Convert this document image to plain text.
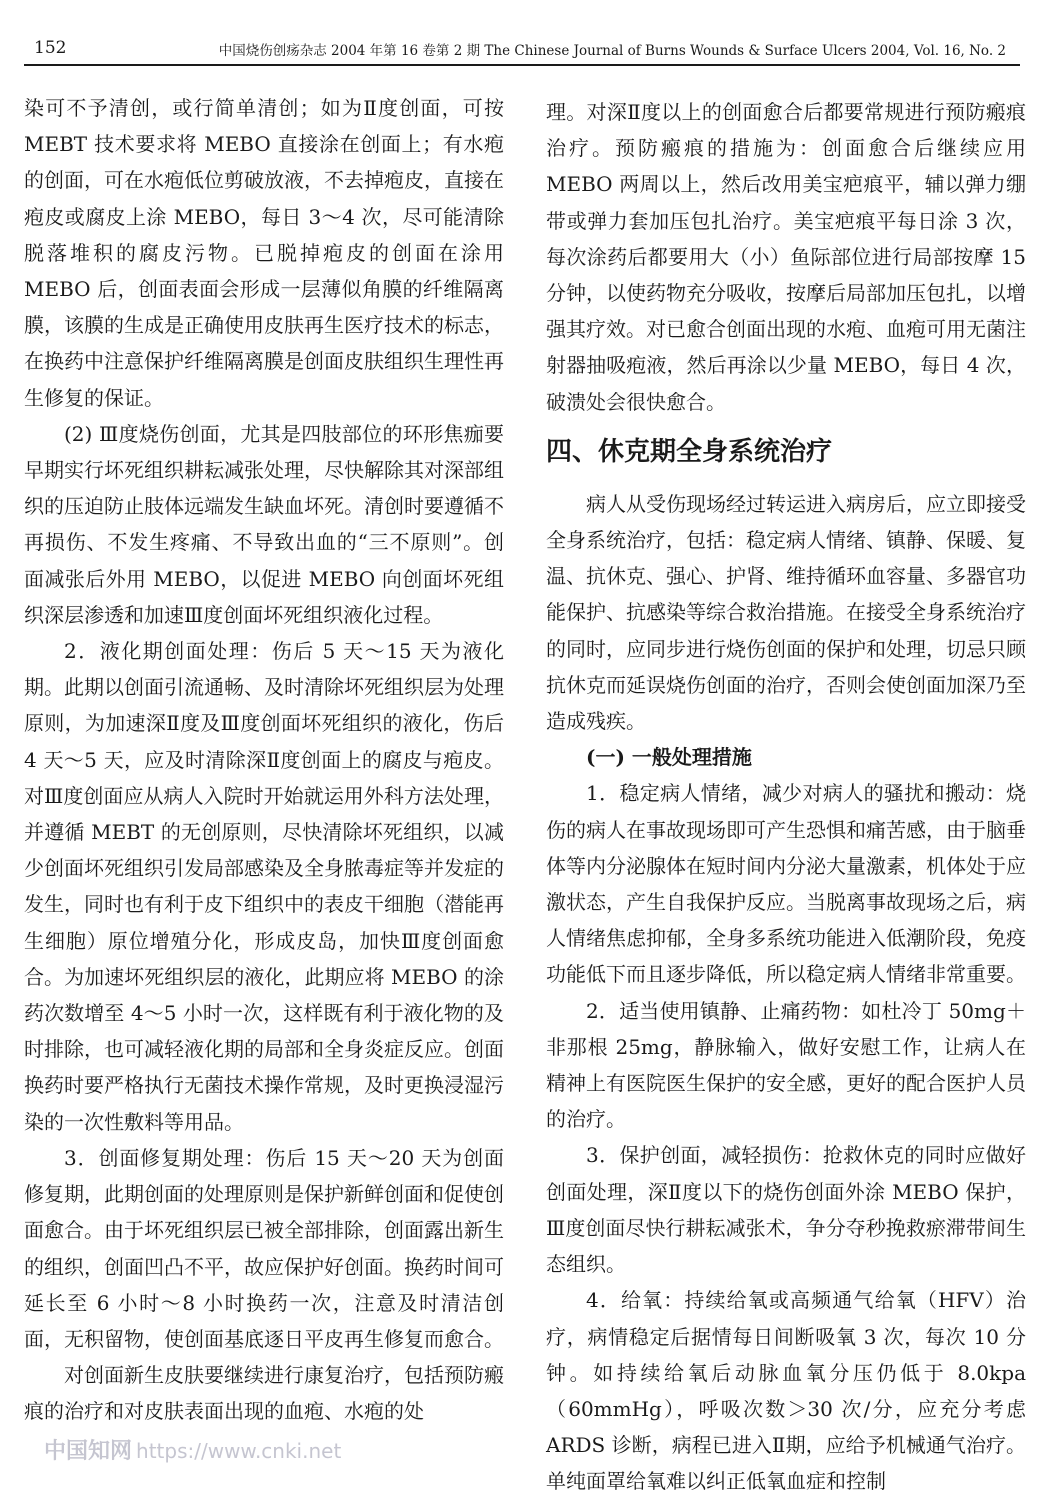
152	中国烧伤创疡杂志 2004 年第 16 卷第 2 期 The Chinese Journal of Burns Wounds & Surface Ulcers 2004, Vol. 16, No. 2

染可不予清创，或行简单清创；如为Ⅱ度创面，可按 MEBT 技术要求将 MEBO 直接涂在创面上；有水疱的创面，可在水疱低位剪破放液，不去掉疱皮，直接在疱皮或腐皮上涂 MEBO，每日 3～4 次，尽可能清除脱落堆积的腐皮污物。已脱掉疱皮的创面在涂用 MEBO 后，创面表面会形成一层薄似角膜的纤维隔离膜，该膜的生成是正确使用皮肤再生医疗技术的标志，在换药中注意保护纤维隔离膜是创面皮肤组织生理性再生修复的保证。

(2) Ⅲ度烧伤创面，尤其是四肢部位的环形焦痂要早期实行坏死组织耕耘减张处理，尽快解除其对深部组织的压迫防止肢体远端发生缺血坏死。清创时要遵循不再损伤、不发生疼痛、不导致出血的“三不原则”。创面减张后外用 MEBO，以促进 MEBO 向创面坏死组织深层渗透和加速Ⅲ度创面坏死组织液化过程。

2．液化期创面处理：伤后 5 天～15 天为液化期。此期以创面引流通畅、及时清除坏死组织层为处理原则，为加速深Ⅱ度及Ⅲ度创面坏死组织的液化，伤后 4 天～5 天，应及时清除深Ⅱ度创面上的腐皮与疱皮。对Ⅲ度创面应从病人入院时开始就运用外科方法处理，并遵循 MEBT 的无创原则，尽快清除坏死组织，以减少创面坏死组织引发局部感染及全身脓毒症等并发症的发生，同时也有利于皮下组织中的表皮干细胞（潜能再生细胞）原位增殖分化，形成皮岛，加快Ⅲ度创面愈合。为加速坏死组织层的液化，此期应将 MEBO 的涂药次数增至 4～5 小时一次，这样既有利于液化物的及时排除，也可减轻液化期的局部和全身炎症反应。创面换药时要严格执行无菌技术操作常规，及时更换浸湿污染的一次性敷料等用品。

3．创面修复期处理：伤后 15 天～20 天为创面修复期，此期创面的处理原则是保护新鲜创面和促使创面愈合。由于坏死组织层已被全部排除，创面露出新生的组织，创面凹凸不平，故应保护好创面。换药时间可延长至 6 小时～8 小时换药一次，注意及时清洁创面，无积留物，使创面基底逐日平皮再生修复而愈合。

对创面新生皮肤要继续进行康复治疗，包括预防瘢痕的治疗和对皮肤表面出现的血疱、水疱的处

理。对深Ⅱ度以上的创面愈合后都要常规进行预防瘢痕治疗。预防瘢痕的措施为：创面愈合后继续应用 MEBO 两周以上，然后改用美宝疤痕平，辅以弹力绷带或弹力套加压包扎治疗。美宝疤痕平每日涂 3 次，每次涂药后都要用大（小）鱼际部位进行局部按摩 15 分钟，以使药物充分吸收，按摩后局部加压包扎，以增强其疗效。对已愈合创面出现的水疱、血疱可用无菌注射器抽吸疱液，然后再涂以少量 MEBO，每日 4 次，破溃处会很快愈合。

四、休克期全身系统治疗

病人从受伤现场经过转运进入病房后，应立即接受全身系统治疗，包括：稳定病人情绪、镇静、保暖、复温、抗休克、强心、护肾、维持循环血容量、多器官功能保护、抗感染等综合救治措施。在接受全身系统治疗的同时，应同步进行烧伤创面的保护和处理，切忌只顾抗休克而延误烧伤创面的治疗，否则会使创面加深乃至造成残疾。

(一) 一般处理措施

1．稳定病人情绪，减少对病人的骚扰和搬动：烧伤的病人在事故现场即可产生恐惧和痛苦感，由于脑垂体等内分泌腺体在短时间内分泌大量激素，机体处于应激状态，产生自我保护反应。当脱离事故现场之后，病人情绪焦虑抑郁，全身多系统功能进入低潮阶段，免疫功能低下而且逐步降低，所以稳定病人情绪非常重要。

2．适当使用镇静、止痛药物：如杜冷丁 50mg＋非那根 25mg，静脉输入，做好安慰工作，让病人在精神上有医院医生保护的安全感，更好的配合医护人员的治疗。

3．保护创面，减轻损伤：抢救休克的同时应做好创面处理，深Ⅱ度以下的烧伤创面外涂 MEBO 保护，Ⅲ度创面尽快行耕耘减张术，争分夺秒挽救瘀滞带间生态组织。

4．给氧：持续给氧或高频通气给氧（HFV）治疗，病情稳定后据情每日间断吸氧 3 次，每次 10 分钟。如持续给氧后动脉血氧分压仍低于 8.0kpa（60mmHg），呼吸次数＞30 次/分，应充分考虑 ARDS 诊断，病程已进入Ⅱ期，应给予机械通气治疗。单纯面罩给氧难以纠正低氧血症和控制

中国知网 https://www.cnki.net
